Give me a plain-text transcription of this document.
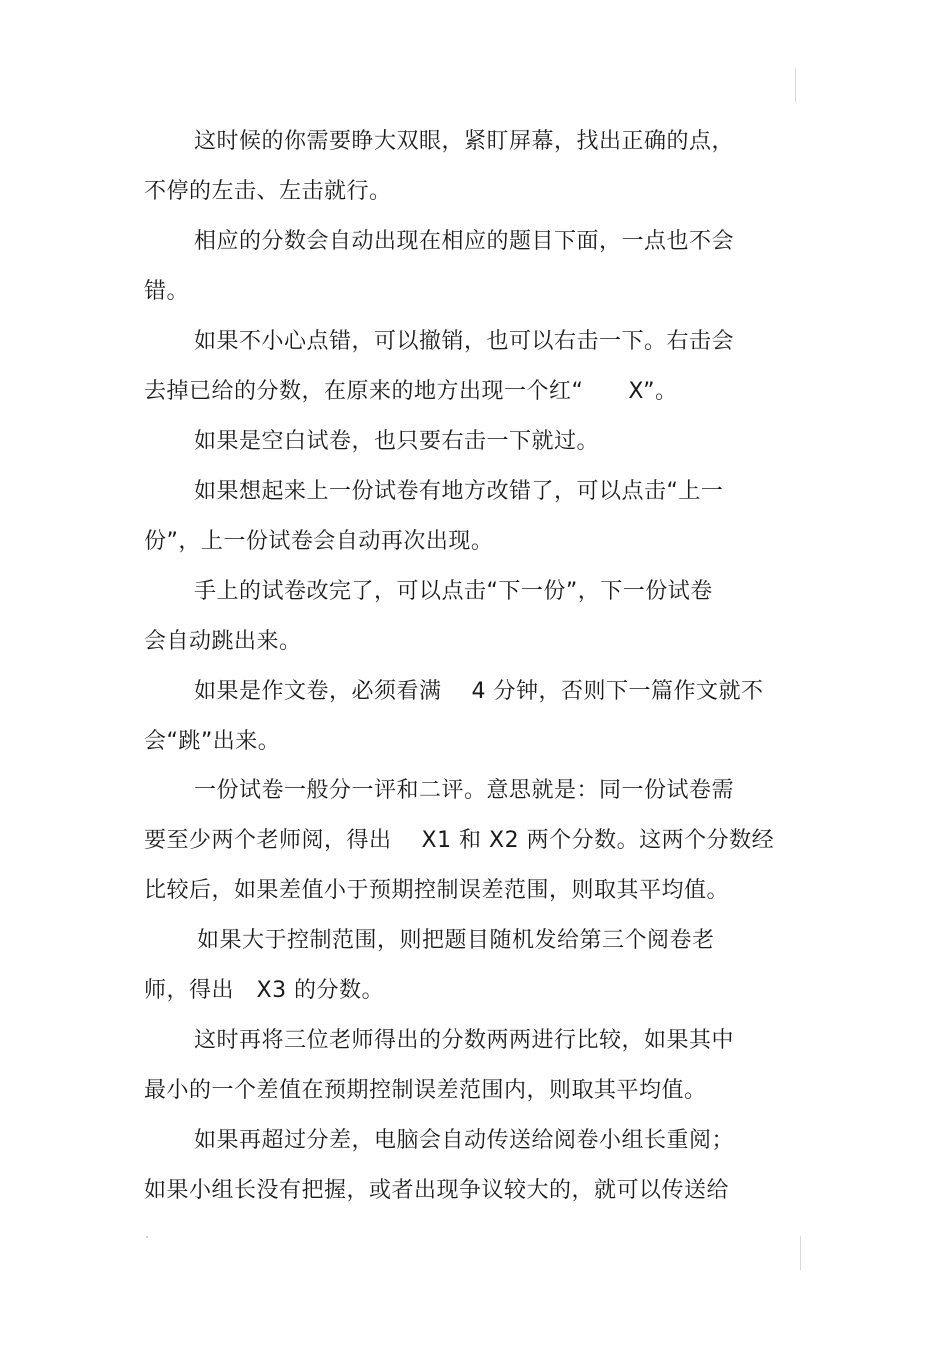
这时候的你需要睁大双眼，紧盯屏幕，找出正确的点，
不停的左击、左击就行。
相应的分数会自动出现在相应的题目下面，一点也不会
错。
如果不小心点错，可以撤销，也可以右击一下。右击会
去掉已给的分数，在原来的地方出现一个红“　　X”。
如果是空白试卷，也只要右击一下就过。
如果想起来上一份试卷有地方改错了，可以点击“上一
份”，上一份试卷会自动再次出现。
手上的试卷改完了，可以点击“下一份”，下一份试卷
会自动跳出来。
如果是作文卷，必须看满　 4 分钟，否则下一篇作文就不
会“跳”出来。
一份试卷一般分一评和二评。意思就是：同一份试卷需
要至少两个老师阅，得出　 X1 和 X2 两个分数。这两个分数经
比较后，如果差值小于预期控制误差范围，则取其平均值。
如果大于控制范围，则把题目随机发给第三个阅卷老
师，得出　X3 的分数。
这时再将三位老师得出的分数两两进行比较，如果其中
最小的一个差值在预期控制误差范围内，则取其平均值。
如果再超过分差，电脑会自动传送给阅卷小组长重阅；
如果小组长没有把握，或者出现争议较大的，就可以传送给
